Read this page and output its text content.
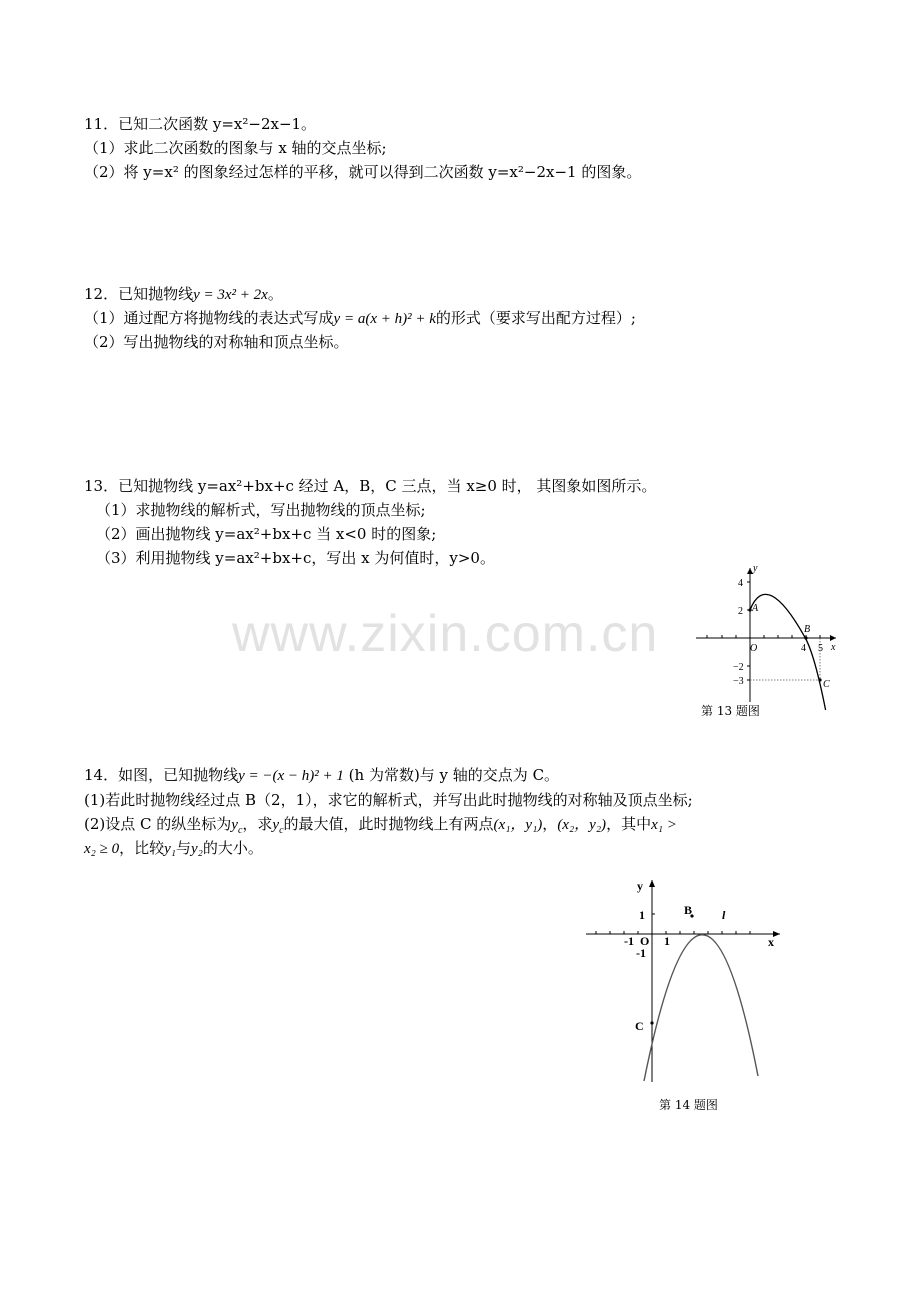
www.zixin.com.cn
11．已知二次函数 y=x²−2x−1。
（1）求此二次函数的图象与 x 轴的交点坐标;
（2）将 y=x² 的图象经过怎样的平移，就可以得到二次函数 y=x²−2x−1 的图象。
12．已知抛物线y = 3x² + 2x。
（1）通过配方将抛物线的表达式写成y = a(x + h)² + k的形式（要求写出配方过程）;
（2）写出抛物线的对称轴和顶点坐标。
13．已知抛物线 y=ax²+bx+c 经过 A，B，C 三点，当 x≥0 时， 其图象如图所示。
（1）求抛物线的解析式，写出抛物线的顶点坐标;
（2）画出抛物线 y=ax²+bx+c 当 x<0 时的图象;
（3）利用抛物线 y=ax²+bx+c，写出 x 为何值时，y>0。
y
x
O
4
2 A
−2
−3
4
B
5
C
第 13 题图
14．如图，已知抛物线y = −(x − h)² + 1 (h 为常数)与 y 轴的交点为 C。
(1)若此时抛物线经过点 B（2，1），求它的解析式，并写出此时抛物线的对称轴及顶点坐标;
(2)设点 C 的纵坐标为$y_c$，求$y_c$的最大值，此时抛物线上有两点(x₁，y₁)，(x₂，y₂)，其中x₁ >
x₂ ≥ 0，比较y₁与y₂的大小。
y
x
1	B l
-1 O 1
-1
C
第 14 题图
